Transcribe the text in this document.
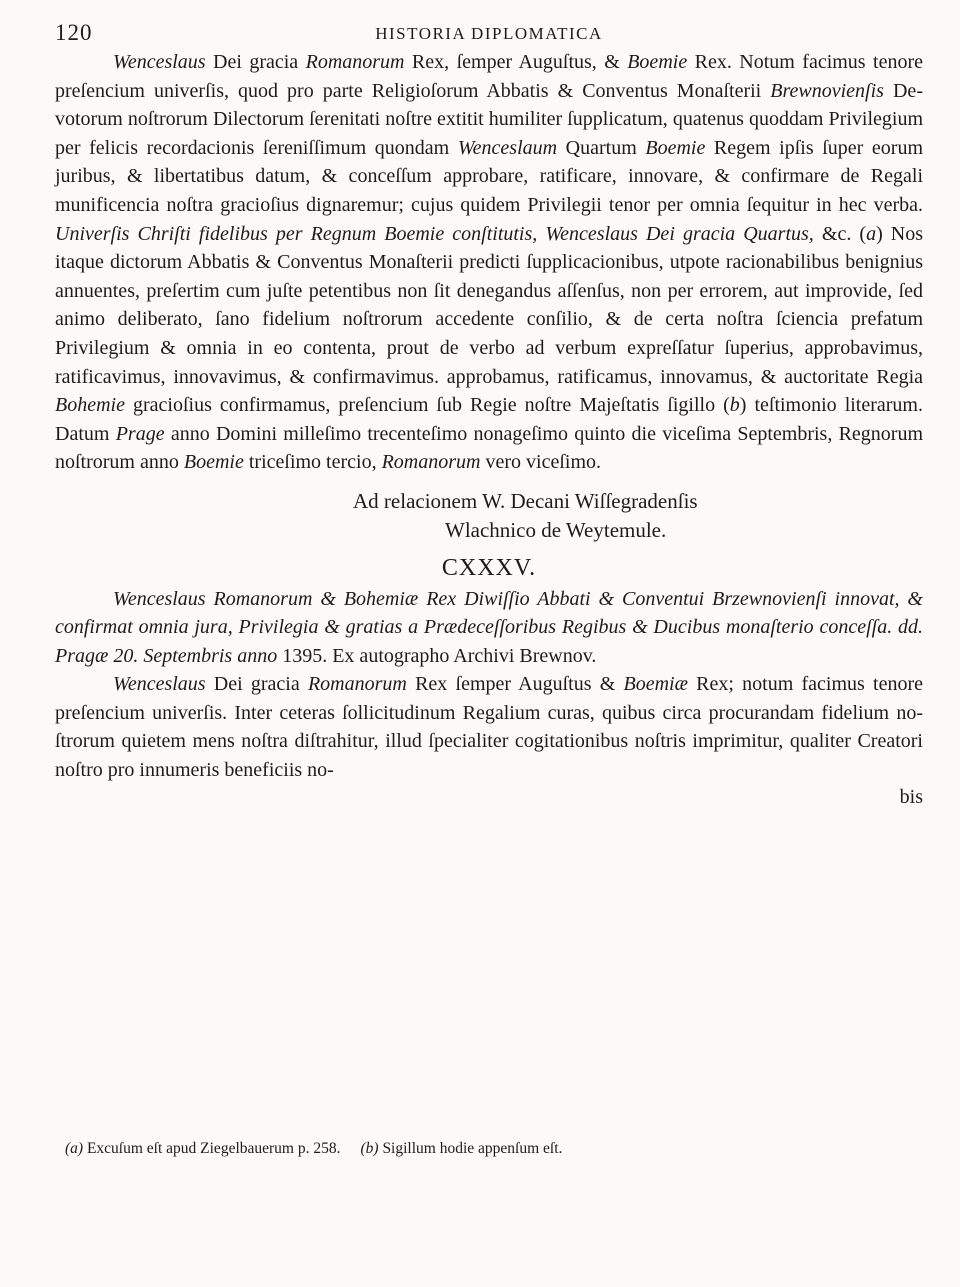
120	HISTORIA DIPLOMATICA

Wenceslaus Dei gracia Romanorum Rex, ſemper Auguſtus, & Boemie Rex. Notum facimus tenore preſencium univerſis, quod pro parte Religioſorum Abbatis & Conventus Monaſterii Brewnovienſis Devotorum noſtrorum Dilectorum ſerenitati noſtre extitit humiliter ſupplicatum, quatenus quoddam Privilegium per felicis recordacionis ſereniſſimum quondam Wenceslaum Quartum Boemie Regem ipſis ſuper eorum juribus, & libertatibus datum, & conceſſum approbare, ratificare, innovare, & confirmare de Regali munificencia noſtra gracioſius dignaremur; cujus quidem Privilegii tenor per omnia ſequitur in hec verba. Univerſis Chriſti fidelibus per Regnum Boemie conſtitutis, Wenceslaus Dei gracia Quartus, &c. (a) Nos itaque dictorum Abbatis & Conventus Monaſterii predicti ſupplicacionibus, utpote racionabilibus benignius annuentes, preſertim cum juſte petentibus non ſit denegandus aſſenſus, non per errorem, aut improvide, ſed animo deliberato, ſano fidelium noſtrorum accedente conſilio, & de certa noſtra ſciencia prefatum Privilegium & omnia in eo contenta, prout de verbo ad verbum expreſſatur ſuperius, approbavimus, ratificavimus, innovavimus, & confirmavimus. approbamus, ratificamus, innovamus, & auctoritate Regia Bohemie gracioſius confirmamus, preſencium ſub Regie noſtre Majeſtatis ſigillo (b) teſtimonio literarum. Datum Prage anno Domini milleſimo trecenteſimo nonageſimo quinto die viceſima Septembris, Regnorum noſtrorum anno Boemie triceſimo tercio, Romanorum vero viceſimo.

Ad relacionem W. Decani Wiſſegradenſis
Wlachnico de Weytemule.
CXXXV.

Wenceslaus Romanorum & Bohemiæ Rex Diwiſſio Abbati & Conventui Brzewnovienſi innovat, & confirmat omnia jura, Privilegia & gratias a Prædeceſſoribus Regibus & Ducibus monaſterio conceſſa. dd. Pragæ 20. Septembris anno 1395. Ex autographo Archivi Brewnov.

Wenceslaus Dei gracia Romanorum Rex ſemper Auguſtus & Boemiæ Rex; notum facimus tenore preſencium univerſis. Inter ceteras ſollicitudinum Regalium curas, quibus circa procurandam fidelium noſtrorum quietem mens noſtra diſtrahitur, illud ſpecialiter cogitationibus noſtris imprimitur, qualiter Creatori noſtro pro innumeris beneficiis no-

bis

(a) Excuſum eſt apud Ziegelbauerum p. 258. (b) Sigillum hodie appenſum eſt.
